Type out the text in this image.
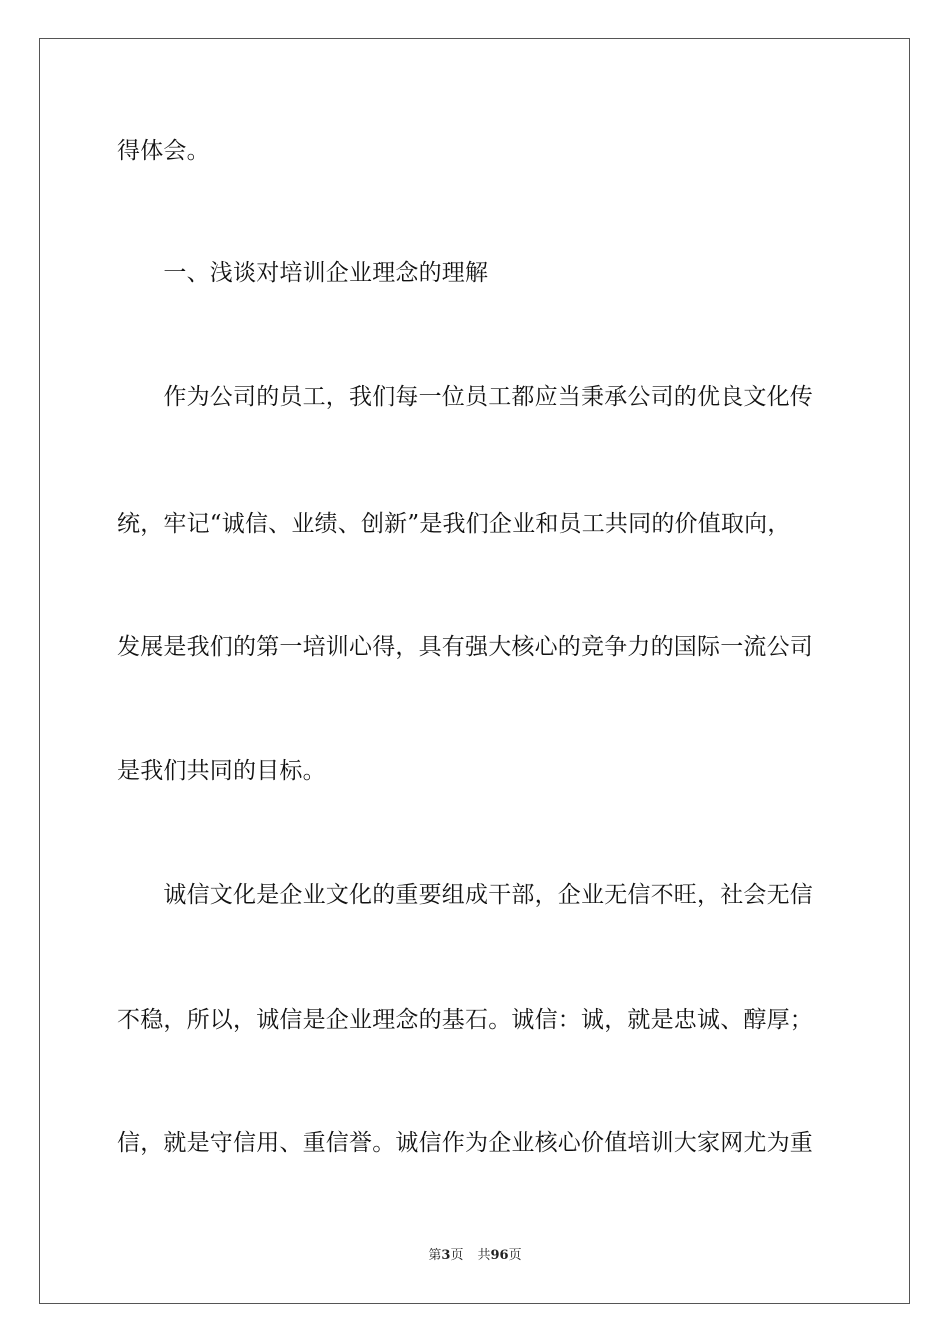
得体会。
　　一、浅谈对培训企业理念的理解
　　作为公司的员工，我们每一位员工都应当秉承公司的优良文化传
统，牢记“诚信、业绩、创新”是我们企业和员工共同的价值取向，
发展是我们的第一培训心得，具有强大核心的竞争力的国际一流公司
是我们共同的目标。
　　诚信文化是企业文化的重要组成干部，企业无信不旺，社会无信
不稳，所以，诚信是企业理念的基石。诚信：诚，就是忠诚、醇厚；
信，就是守信用、重信誉。诚信作为企业核心价值培训大家网尤为重
第3页 共96页
